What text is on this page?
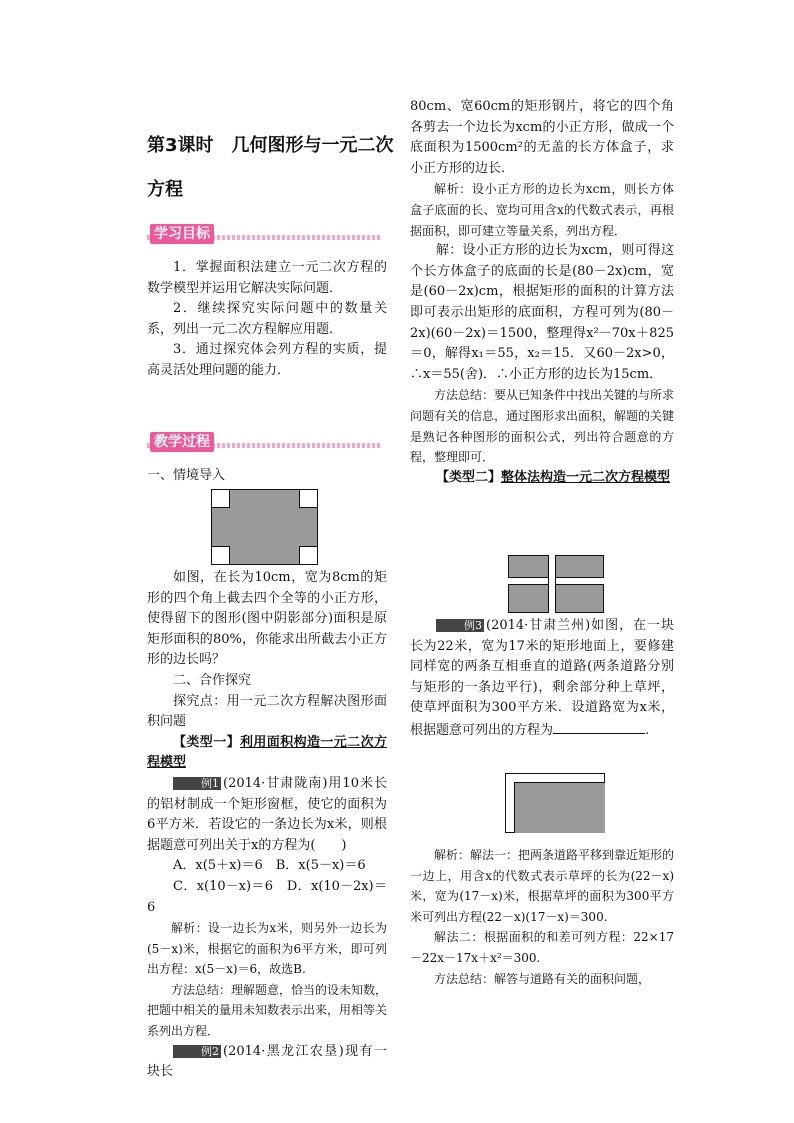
第3课时　几何图形与一元二次
方程
学习目标

1．掌握面积法建立一元二次方程的数学模型并运用它解决实际问题．

2．继续探究实际问题中的数量关系，列出一元二次方程解应用题．

3．通过探究体会列方程的实质，提高灵活处理问题的能力．

教学过程
一、情境导入

如图，在长为10cm，宽为8cm的矩形的四个角上截去四个全等的小正方形，使得留下的图形(图中阴影部分)面积是原矩形面积的80%，你能求出所截去小正方形的边长吗？

二、合作探究

探究点：用一元二次方程解决图形面积问题

【类型一】利用面积构造一元二次方程模型

例1 (2014·甘肃陇南)用10米长的铝材制成一个矩形窗框，使它的面积为6平方米．若设它的一条边长为x米，则根据题意可列出关于x的方程为(　　)

A．x(5＋x)＝6　B．x(5－x)＝6

C．x(10－x)＝6　D．x(10－2x)＝6

解析：设一边长为x米，则另外一边长为(5－x)米，根据它的面积为6平方米，即可列出方程：x(5－x)＝6，故选B.

方法总结：理解题意，恰当的设未知数，把题中相关的量用未知数表示出来，用相等关系列出方程．

例2 (2014·黑龙江农垦)现有一块长

80cm、宽60cm的矩形钢片，将它的四个角各剪去一个边长为xcm的小正方形，做成一个底面积为1500cm²的无盖的长方体盒子，求小正方形的边长．

解析：设小正方形的边长为xcm，则长方体盒子底面的长、宽均可用含x的代数式表示，再根据面积，即可建立等量关系，列出方程．

解：设小正方形的边长为xcm，则可得这个长方体盒子的底面的长是(80－2x)cm，宽是(60－2x)cm，根据矩形的面积的计算方法即可表示出矩形的底面积，方程可列为(80－2x)(60－2x)＝1500，整理得x²－70x＋825＝0，解得x₁＝55，x₂＝15．又60－2x>0，∴x＝55(舍)．∴小正方形的边长为15cm．

方法总结：要从已知条件中找出关键的与所求问题有关的信息，通过图形求出面积，解题的关键是熟记各种图形的面积公式，列出符合题意的方程，整理即可．

【类型二】整体法构造一元二次方程模型

例3 (2014·甘肃兰州)如图，在一块长为22米，宽为17米的矩形地面上，要修建同样宽的两条互相垂直的道路(两条道路分别与矩形的一条边平行)，剩余部分种上草坪，使草坪面积为300平方米．设道路宽为x米，根据题意可列出的方程为	.

解析：解法一：把两条道路平移到靠近矩形的一边上，用含x的代数式表示草坪的长为(22－x)米，宽为(17－x)米，根据草坪的面积为300平方米可列出方程(22－x)(17－x)＝300.

解法二：根据面积的和差可列方程：22×17－22x－17x＋x²＝300.

方法总结：解答与道路有关的面积问题，
